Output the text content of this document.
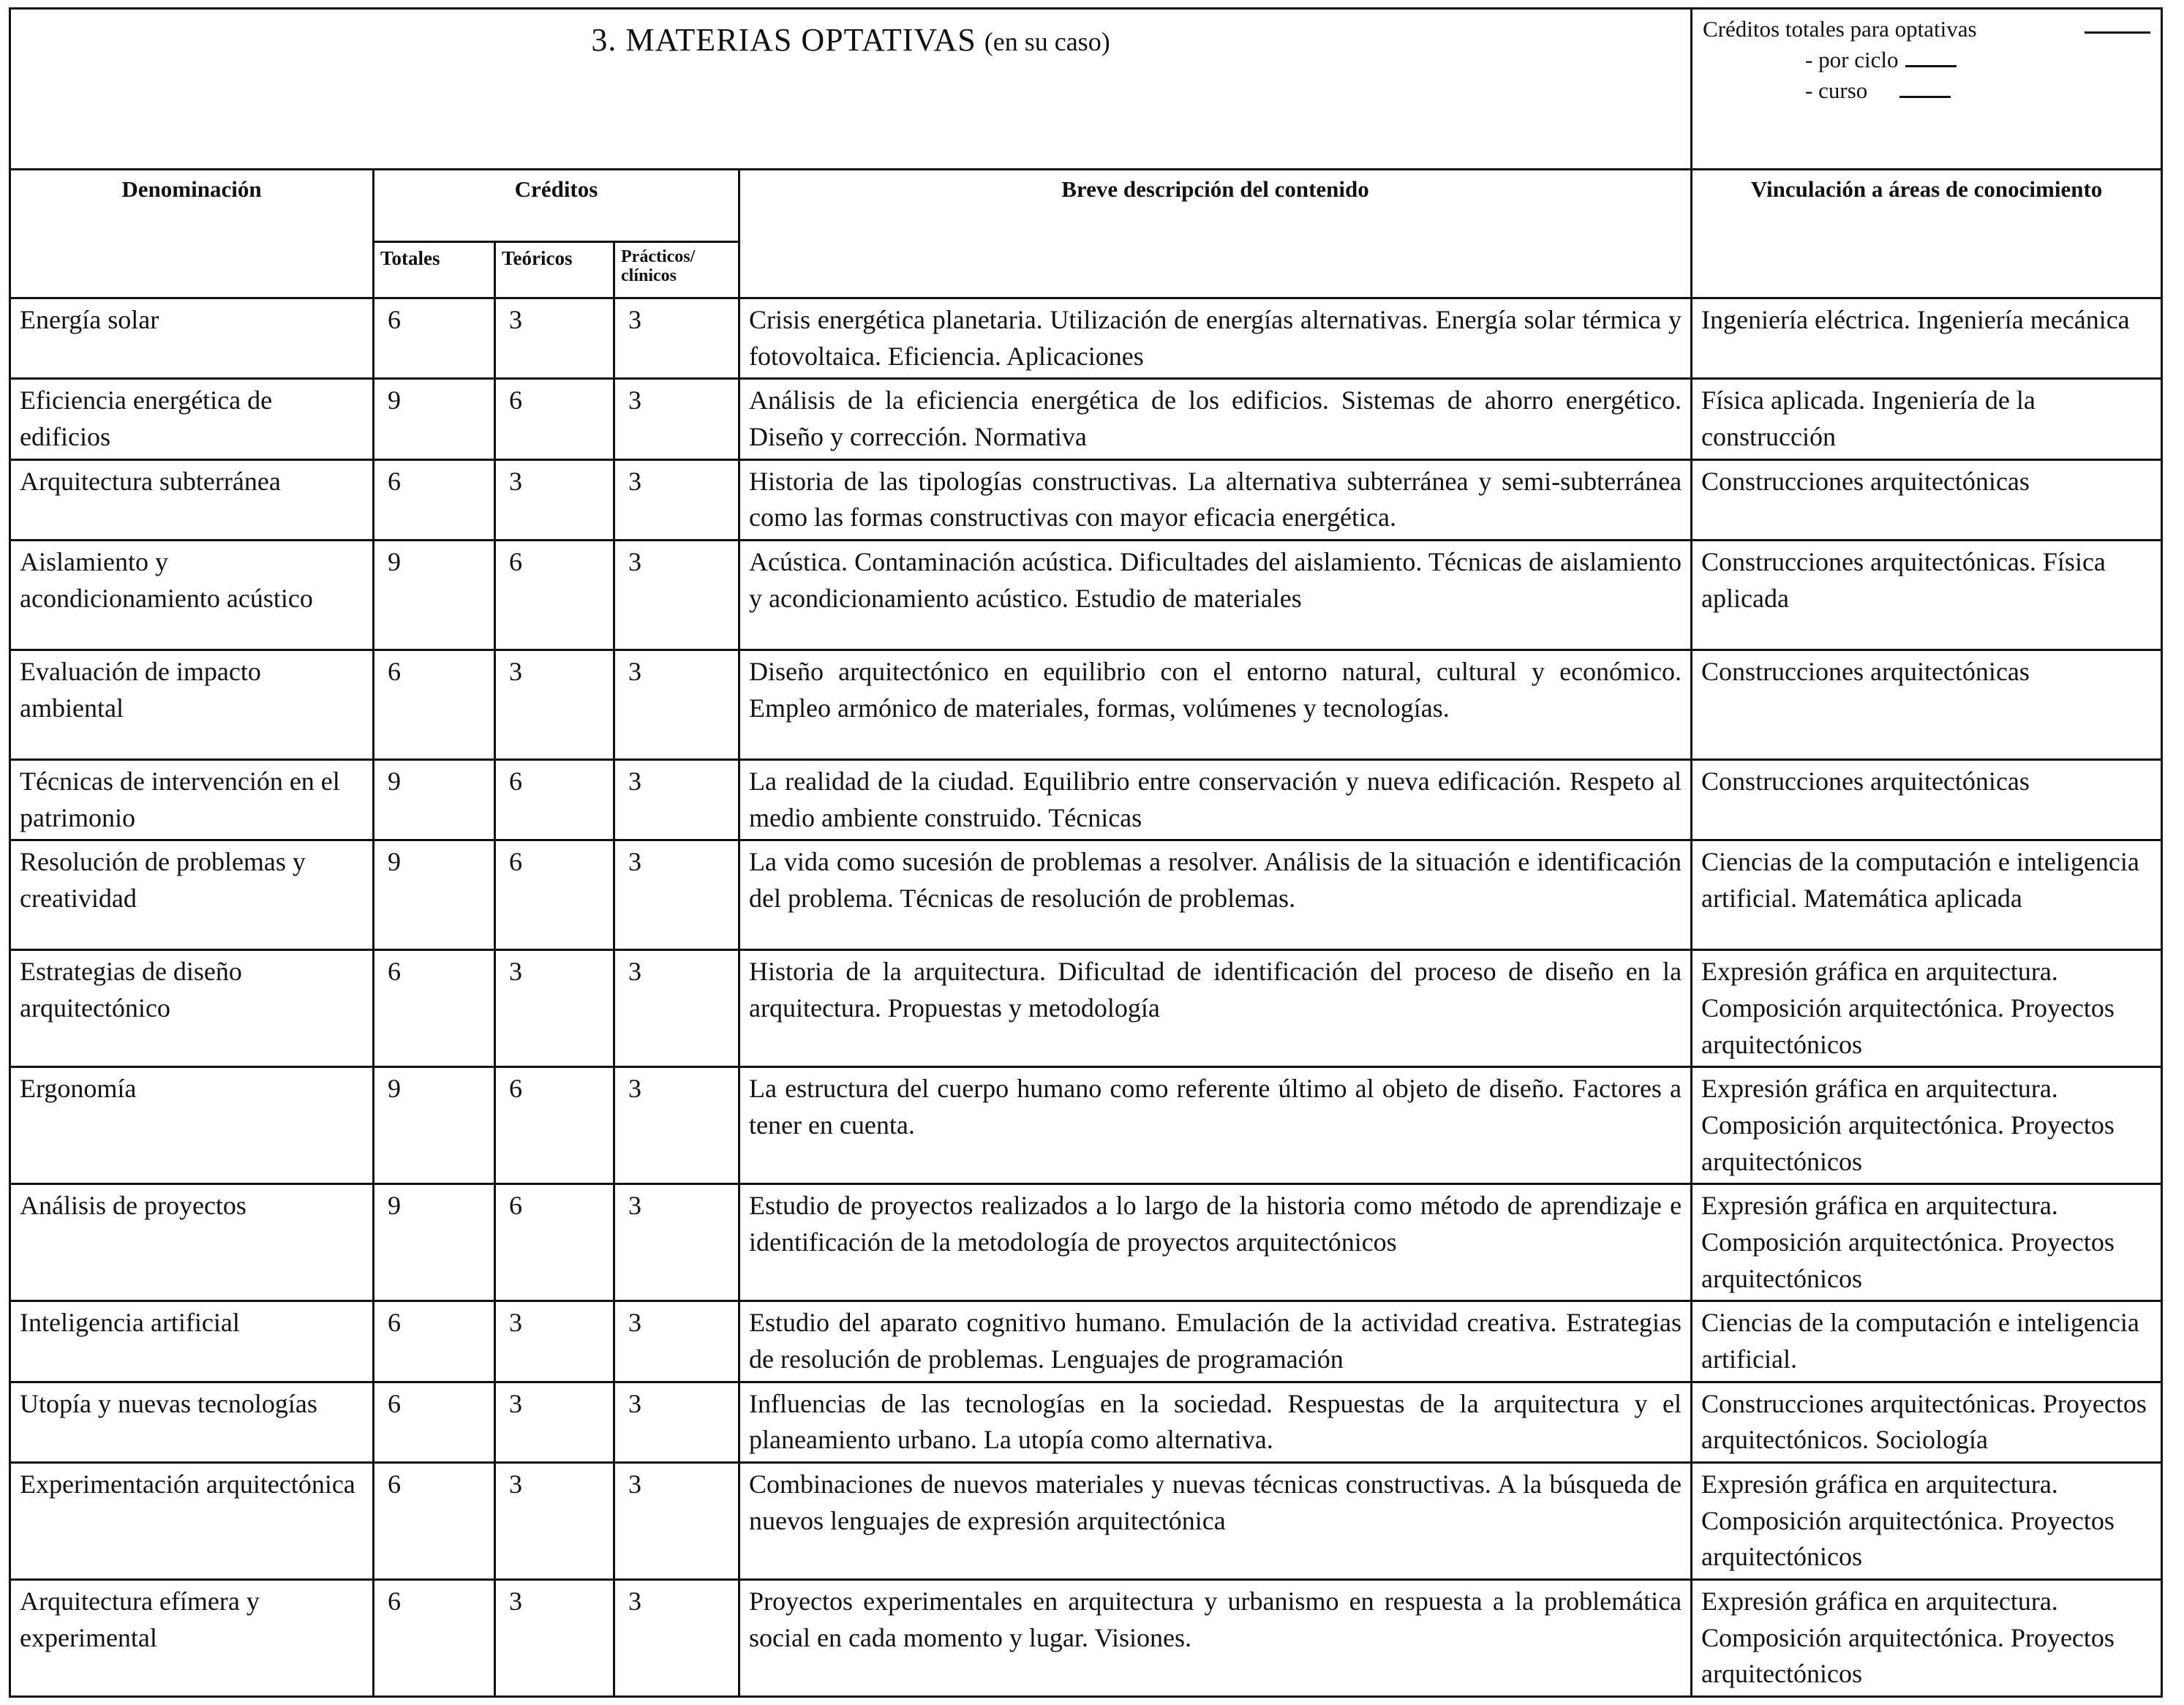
3. MATERIAS OPTATIVAS (en su caso)					Créditos totales para optativas
- por ciclo
- curso

Denominación	Créditos			Breve descripción del contenido	Vinculación a áreas de conocimiento
	Totales	Teóricos	Prácticos/ clínicos		
Energía solar	6	3	3	Crisis energética planetaria. Utilización de energías alternativas. Energía solar térmica y fotovoltaica. Eficiencia. Aplicaciones	Ingeniería eléctrica. Ingeniería mecánica
Eficiencia energética de edificios	9	6	3	Análisis de la eficiencia energética de los edificios. Sistemas de ahorro energético. Diseño y corrección. Normativa	Física aplicada. Ingeniería de la construcción
Arquitectura subterránea	6	3	3	Historia de las tipologías constructivas. La alternativa subterránea y semi-subterránea como las formas constructivas con mayor eficacia energética.	Construcciones arquitectónicas
Aislamiento y acondicionamiento acústico	9	6	3	Acústica. Contaminación acústica. Dificultades del aislamiento. Técnicas de aislamiento y acondicionamiento acústico. Estudio de materiales	Construcciones arquitectónicas. Física aplicada
Evaluación de impacto ambiental	6	3	3	Diseño arquitectónico en equilibrio con el entorno natural, cultural y económico. Empleo armónico de materiales, formas, volúmenes y tecnologías.	Construcciones arquitectónicas
Técnicas de intervención en el patrimonio	9	6	3	La realidad de la ciudad. Equilibrio entre conservación y nueva edificación. Respeto al medio ambiente construido. Técnicas	Construcciones arquitectónicas
Resolución de problemas y creatividad	9	6	3	La vida como sucesión de problemas a resolver. Análisis de la situación e identificación del problema. Técnicas de resolución de problemas.	Ciencias de la computación e inteligencia artificial. Matemática aplicada
Estrategias de diseño arquitectónico	6	3	3	Historia de la arquitectura. Dificultad de identificación del proceso de diseño en la arquitectura. Propuestas y metodología	Expresión gráfica en arquitectura. Composición arquitectónica. Proyectos arquitectónicos
Ergonomía	9	6	3	La estructura del cuerpo humano como referente último al objeto de diseño. Factores a tener en cuenta.	Expresión gráfica en arquitectura. Composición arquitectónica. Proyectos arquitectónicos
Análisis de proyectos	9	6	3	Estudio de proyectos realizados a lo largo de la historia como método de aprendizaje e identificación de la metodología de proyectos arquitectónicos	Expresión gráfica en arquitectura. Composición arquitectónica. Proyectos arquitectónicos
Inteligencia artificial	6	3	3	Estudio del aparato cognitivo humano. Emulación de la actividad creativa. Estrategias de resolución de problemas. Lenguajes de programación	Ciencias de la computación e inteligencia artificial.
Utopía y nuevas tecnologías	6	3	3	Influencias de las tecnologías en la sociedad. Respuestas de la arquitectura y el planeamiento urbano. La utopía como alternativa.	Construcciones arquitectónicas. Proyectos arquitectónicos. Sociología
Experimentación arquitectónica	6	3	3	Combinaciones de nuevos materiales y nuevas técnicas constructivas. A la búsqueda de nuevos lenguajes de expresión arquitectónica	Expresión gráfica en arquitectura. Composición arquitectónica. Proyectos arquitectónicos
Arquitectura efímera y experimental	6	3	3	Proyectos experimentales en arquitectura y urbanismo en respuesta a la problemática social en cada momento y lugar. Visiones.	Expresión gráfica en arquitectura. Composición arquitectónica. Proyectos arquitectónicos
